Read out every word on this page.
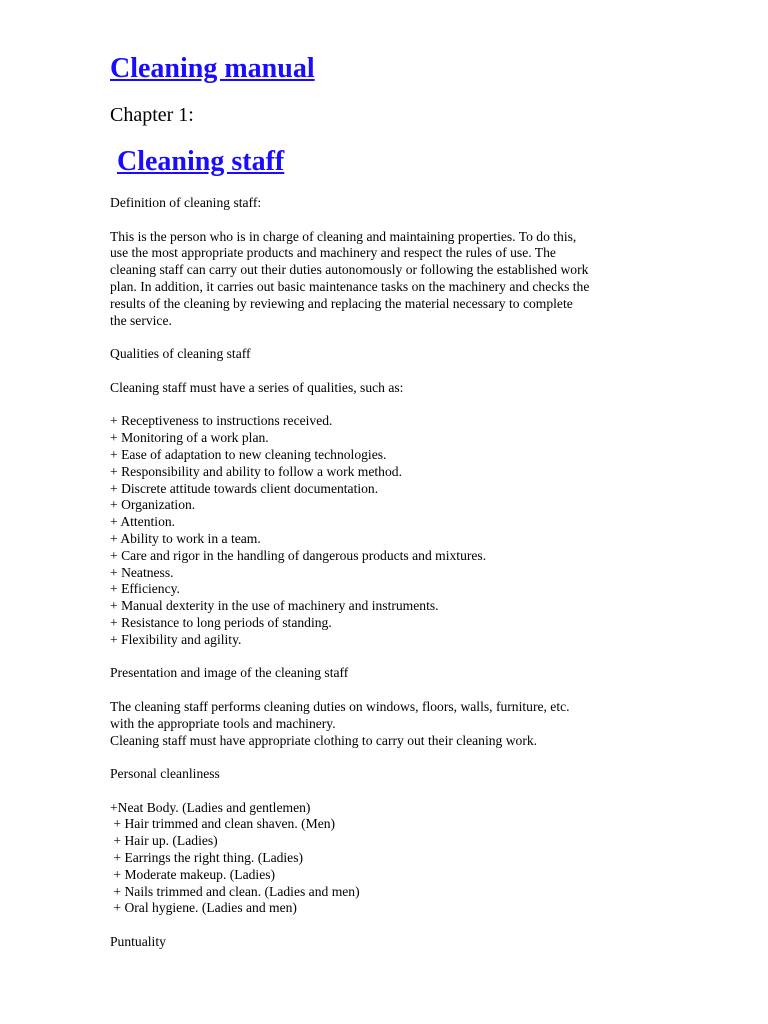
Cleaning manual
Chapter 1:
Cleaning staff
Definition of cleaning staff:
This is the person who is in charge of cleaning and maintaining properties. To do this,
use the most appropriate products and machinery and respect the rules of use. The
cleaning staff can carry out their duties autonomously or following the established work
plan. In addition, it carries out basic maintenance tasks on the machinery and checks the
results of the cleaning by reviewing and replacing the material necessary to complete
the service.
Qualities of cleaning staff
Cleaning staff must have a series of qualities, such as:
+ Receptiveness to instructions received.
+ Monitoring of a work plan.
+ Ease of adaptation to new cleaning technologies.
+ Responsibility and ability to follow a work method.
+ Discrete attitude towards client documentation.
+ Organization.
+ Attention.
+ Ability to work in a team.
+ Care and rigor in the handling of dangerous products and mixtures.
+ Neatness.
+ Efficiency.
+ Manual dexterity in the use of machinery and instruments.
+ Resistance to long periods of standing.
+ Flexibility and agility.
Presentation and image of the cleaning staff
The cleaning staff performs cleaning duties on windows, floors, walls, furniture, etc.
with the appropriate tools and machinery.
Cleaning staff must have appropriate clothing to carry out their cleaning work.
Personal cleanliness
+Neat Body. (Ladies and gentlemen)
+ Hair trimmed and clean shaven. (Men)
+ Hair up. (Ladies)
+ Earrings the right thing. (Ladies)
+ Moderate makeup. (Ladies)
+ Nails trimmed and clean. (Ladies and men)
+ Oral hygiene. (Ladies and men)
Puntuality
